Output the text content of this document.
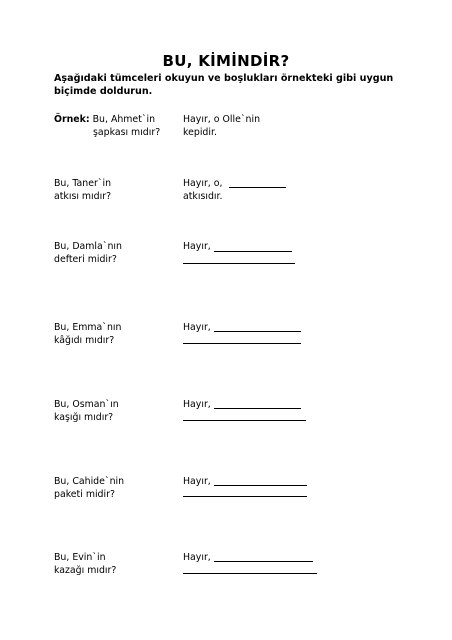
BU, KİMİNDİR?
Aşağıdaki tümceleri okuyun ve boşlukları örnekteki gibi uygun
biçimde doldurun.
Örnek: Bu, Ahmet`in
şapkası mıdır?
Hayır, o Olle`nin
kepidir.
Bu, Taner`in
atkısı mıdır?
Hayır, o,
atkısıdır.
Bu, Damla`nın
defteri midir?
Hayır,
Bu, Emma`nın
kâğıdı mıdır?
Hayır,
Bu, Osman`ın
kaşığı mıdır?
Hayır,
Bu, Cahide`nin
paketi midir?
Hayır,
Bu, Evin`in
kazağı mıdır?
Hayır,
